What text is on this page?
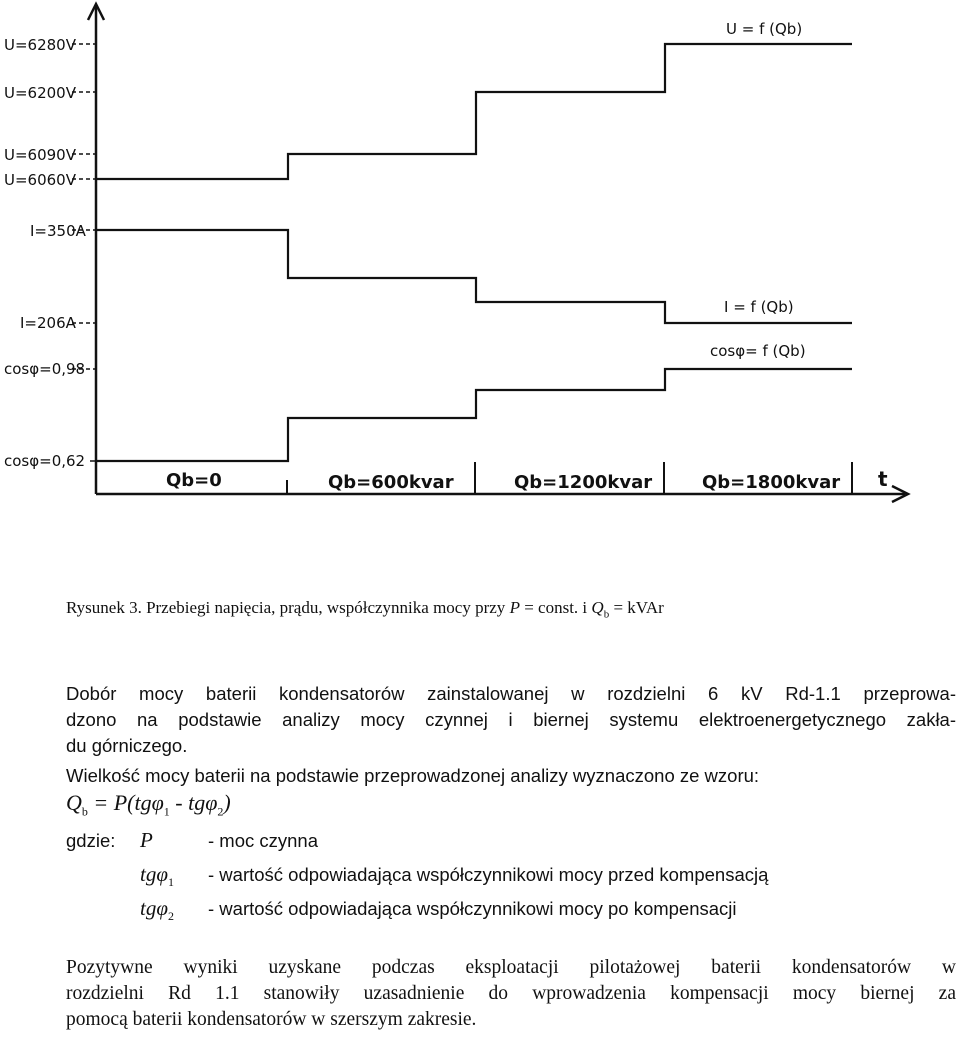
U=6280V
U=6200V
U=6090V
U=6060V
I=350A
I=206A
cosφ=0,98
cosφ=0,62
U = f (Qb)
I = f (Qb)
cosφ= f (Qb)
Qb=0	Qb=600kvar	Qb=1200kvar	Qb=1800kvar t
Rysunek 3. Przebiegi napięcia, prądu, współczynnika mocy przy P = const. i $Q_b$ = kVAr
Dobór mocy baterii kondensatorów zainstalowanej w rozdzielni 6 kV Rd-1.1 przeprowa-
dzono na podstawie analizy mocy czynnej i biernej systemu elektroenergetycznego zakła-
du górniczego.
Wielkość mocy baterii na podstawie przeprowadzonej analizy wyznaczono ze wzoru:
$Q_b = P(tg\varphi_1 - tg\varphi_2)$
gdzie: P	- moc czynna
tgφ$_1$ - wartość odpowiadająca współczynnikowi mocy przed kompensacją
tgφ$_2$ - wartość odpowiadająca współczynnikowi mocy po kompensacji
Pozytywne wyniki uzyskane podczas eksploatacji pilotażowej baterii kondensatorów w
rozdzielni Rd 1.1 stanowiły uzasadnienie do wprowadzenia kompensacji mocy biernej za
pomocą baterii kondensatorów w szerszym zakresie.
